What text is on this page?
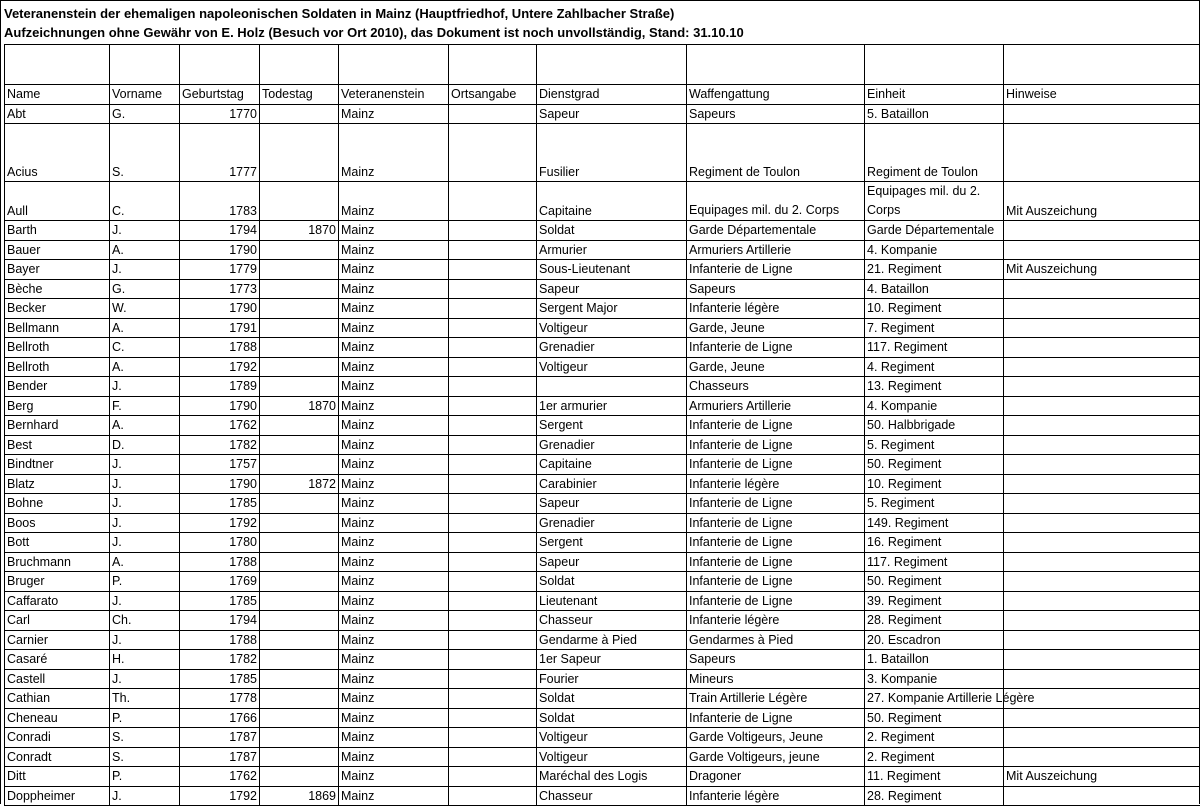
Veteranenstein der ehemaligen napoleonischen Soldaten in Mainz (Hauptfriedhof, Untere Zahlbacher Straße)
Aufzeichnungen ohne Gewähr von E. Holz (Besuch vor Ort 2010), das Dokument ist noch unvollständig, Stand: 31.10.10

Name	Vorname	Geburtstag	Todestag	Veteranenstein	Ortsangabe	Dienstgrad	Waffengattung	Einheit	Hinweise
Abt	G.	1770		Mainz		Sapeur	Sapeurs	5. Bataillon	
Acius	S.	1777		Mainz		Fusilier	Regiment de Toulon	Regiment de Toulon	
Aull	C.	1783		Mainz		Capitaine	Equipages mil. du 2. Corps	Equipages mil. du 2. Corps	Mit Auszeichung
Barth	J.	1794	1870	Mainz		Soldat	Garde Départementale	Garde Départementale	
Bauer	A.	1790		Mainz		Armurier	Armuriers Artillerie	4. Kompanie	
Bayer	J.	1779		Mainz		Sous-Lieutenant	Infanterie de Ligne	21. Regiment	Mit Auszeichung
Bèche	G.	1773		Mainz		Sapeur	Sapeurs	4. Bataillon	
Becker	W.	1790		Mainz		Sergent Major	Infanterie légère	10. Regiment	
Bellmann	A.	1791		Mainz		Voltigeur	Garde, Jeune	7. Regiment	
Bellroth	C.	1788		Mainz		Grenadier	Infanterie de Ligne	117. Regiment	
Bellroth	A.	1792		Mainz		Voltigeur	Garde, Jeune	4. Regiment	
Bender	J.	1789		Mainz			Chasseurs	13. Regiment	
Berg	F.	1790	1870	Mainz		1er armurier	Armuriers Artillerie	4. Kompanie	
Bernhard	A.	1762		Mainz		Sergent	Infanterie de Ligne	50. Halbbrigade	
Best	D.	1782		Mainz		Grenadier	Infanterie de Ligne	5. Regiment	
Bindtner	J.	1757		Mainz		Capitaine	Infanterie de Ligne	50. Regiment	
Blatz	J.	1790	1872	Mainz		Carabinier	Infanterie légère	10. Regiment	
Bohne	J.	1785		Mainz		Sapeur	Infanterie de Ligne	5. Regiment	
Boos	J.	1792		Mainz		Grenadier	Infanterie de Ligne	149. Regiment	
Bott	J.	1780		Mainz		Sergent	Infanterie de Ligne	16. Regiment	
Bruchmann	A.	1788		Mainz		Sapeur	Infanterie de Ligne	117. Regiment	
Bruger	P.	1769		Mainz		Soldat	Infanterie de Ligne	50. Regiment	
Caffarato	J.	1785		Mainz		Lieutenant	Infanterie de Ligne	39. Regiment	
Carl	Ch.	1794		Mainz		Chasseur	Infanterie légère	28. Regiment	
Carnier	J.	1788		Mainz		Gendarme à Pied	Gendarmes à Pied	20. Escadron	
Casaré	H.	1782		Mainz		1er Sapeur	Sapeurs	1. Bataillon	
Castell	J.	1785		Mainz		Fourier	Mineurs	3. Kompanie	
Cathian	Th.	1778		Mainz		Soldat	Train Artillerie Légère	27. Kompanie Artillerie Légère	
Cheneau	P.	1766		Mainz		Soldat	Infanterie de Ligne	50. Regiment	
Conradi	S.	1787		Mainz		Voltigeur	Garde Voltigeurs, Jeune	2. Regiment	
Conradt	S.	1787		Mainz		Voltigeur	Garde Voltigeurs, jeune	2. Regiment	
Ditt	P.	1762		Mainz		Maréchal des Logis	Dragoner	11. Regiment	Mit Auszeichung
Doppheimer	J.	1792	1869	Mainz		Chasseur	Infanterie légère	28. Regiment	
